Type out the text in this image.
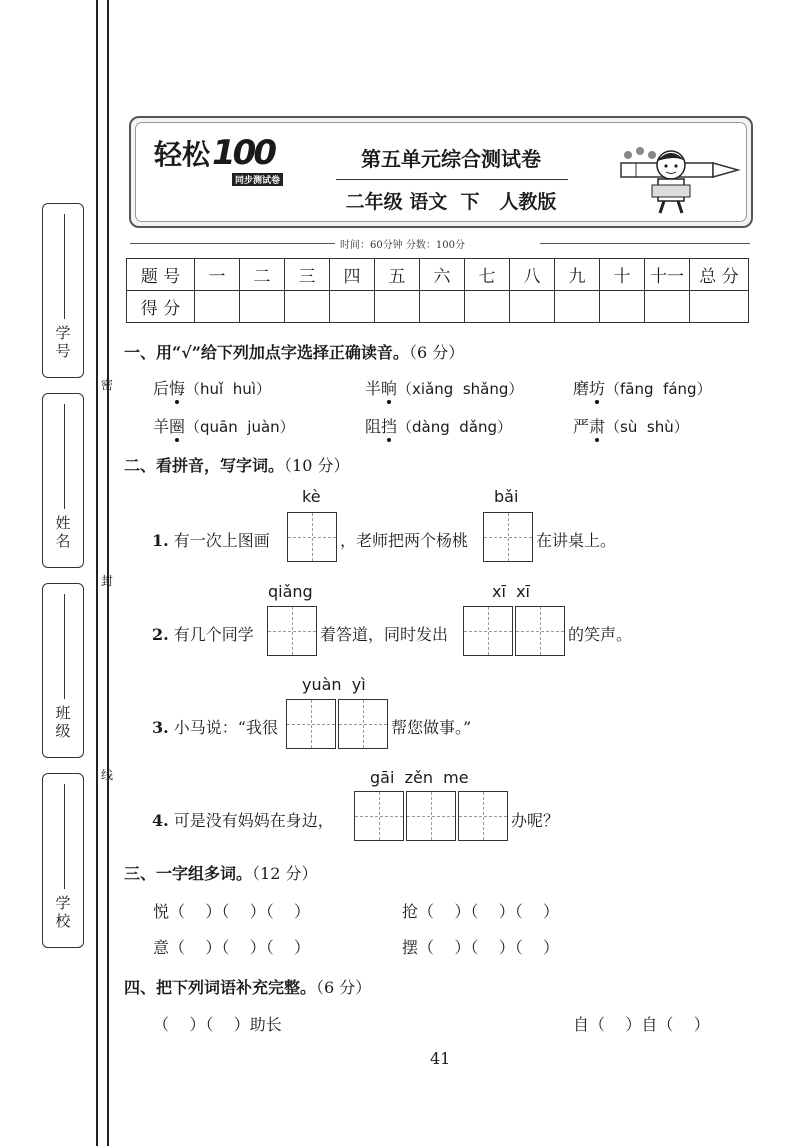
学 号
姓 名
班 级
学 校
密
封
线
轻松100
同步测试卷
第五单元综合测试卷
二年级 语文  下   人教版
时间：60分钟 分数：100分
题 号	一	二	三	四	五	六	七	八	九	十	十一	总 分
得 分												
一、用“√”给下列加点字选择正确读音。（6 分）
后悔（huǐ  huì）	半晌（xiǎng  shǎng）	磨坊（fāng  fáng）
羊圈（quān  juàn）	阻挡（dàng  dǎng）	严肃（sù  shù）
二、看拼音，写字词。（10 分）
kè	bǎi
1. 有一次上图画	，老师把两个杨桃	在讲桌上。
qiǎng	xī  xī
2. 有几个同学	着答道，同时发出	的笑声。
yuàn  yì
3. 小马说：“我很	帮您做事。”
gāi  zěn  me
4. 可是没有妈妈在身边，	办呢？
三、一字组多词。（12 分）
悦（    ）（    ）（    ）	抢（    ）（    ）（    ）
意（    ）（    ）（    ）	摆（    ）（    ）（    ）
四、把下列词语补充完整。（6 分）
（    ）（    ）助长	自（    ）自（    ）
41
